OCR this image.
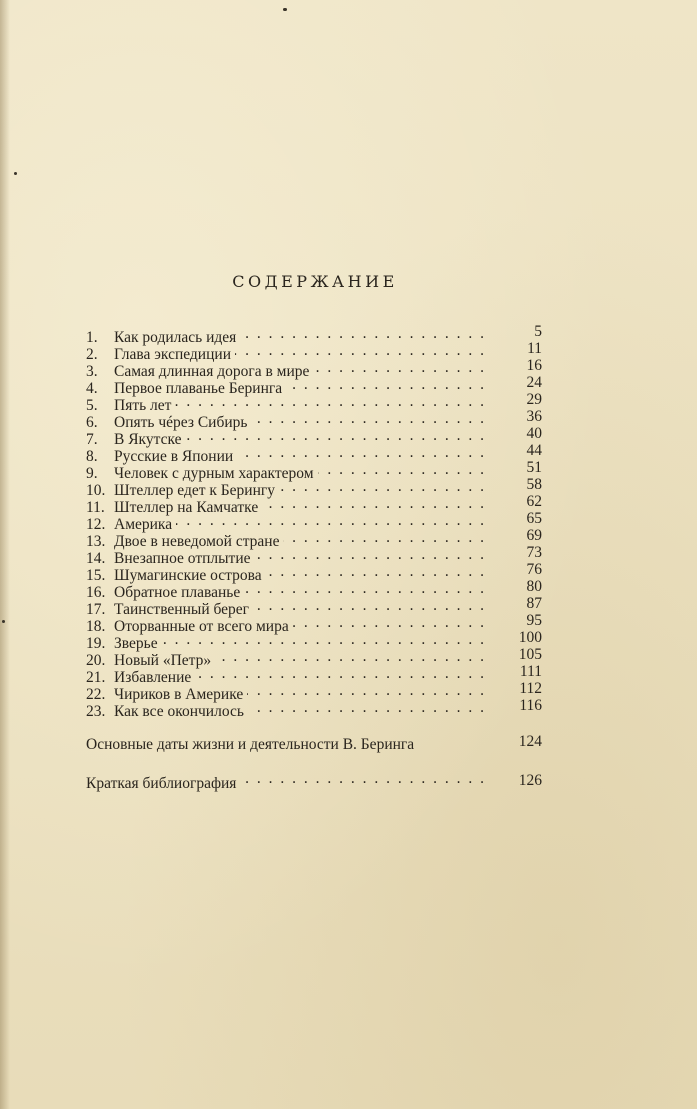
СОДЕРЖАНИЕ
1.	Как родилась идея . . .	5
2.	Глава экспедиции . . .	11
3.	Самая длинная дорога в мире . . .	16
4.	Первое плаванье Беринга . . .	24
5.	Пять лет . . .	29
6.	Опять чéрез Сибирь . . .	36
7.	В Якутске . . .	40
8.	Русские в Японии . . .	44
9.	Человек с дурным характером . . .	51
10. Штеллер едет к Берингу . . .	58
11. Штеллер на Камчатке . . .	62
12. Америка . . .	65
13. Двое в неведомой стране . . .	69
14. Внезапное отплытие . . .	73
15. Шумагинские острова . . .	76
16. Обратное плаванье . . .	80
17. Таинственный берег . . .	87
18. Оторванные от всего мира . . .	95
19. Зверье . . .	100
20. Новый «Петр» . . .	105
21. Избавление . . .	111
22. Чириков в Америке . . .	112
23. Как все окончилось . . .	116
Основные даты жизни и деятельности В. Беринга	124
Краткая библиография . . .	126
